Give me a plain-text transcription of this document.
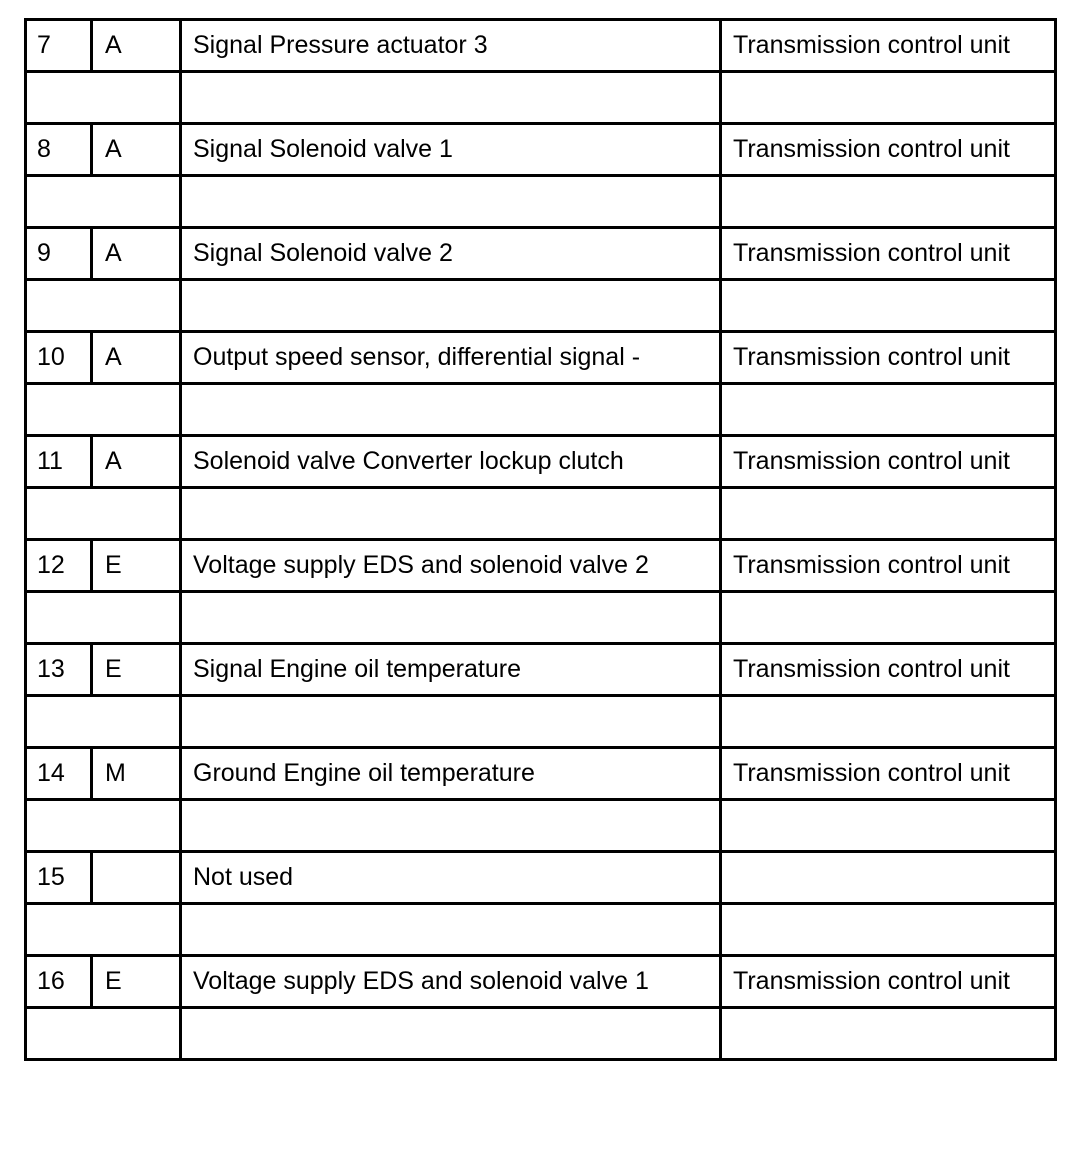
7	A	Signal Pressure actuator 3	Transmission control unit

8	A	Signal Solenoid valve 1	Transmission control unit

9	A	Signal Solenoid valve 2	Transmission control unit

10	A	Output speed sensor, differential signal -	Transmission control unit

11	A	Solenoid valve Converter lockup clutch	Transmission control unit

12	E	Voltage supply EDS and solenoid valve 2	Transmission control unit

13	E	Signal Engine oil temperature	Transmission control unit

14	M	Ground Engine oil temperature	Transmission control unit

15		Not used	

16	E	Voltage supply EDS and solenoid valve 1	Transmission control unit
